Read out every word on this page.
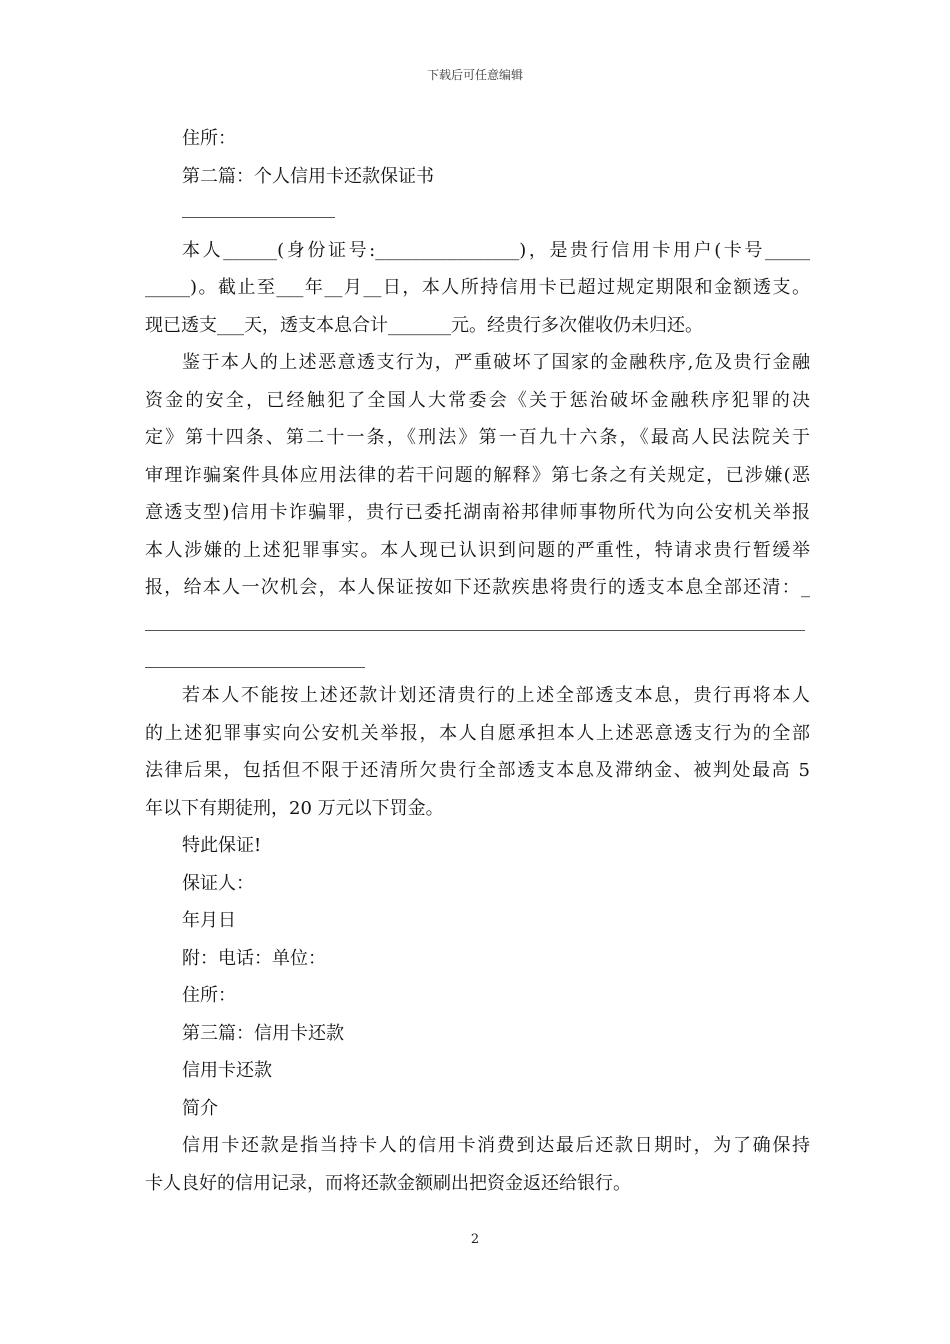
下载后可任意编辑
住所：
第二篇：个人信用卡还款保证书
本人______(身份证号:________________)，是贵行信用卡用户(卡号_____
_____)。截止至___年__月__日，本人所持信用卡已超过规定期限和金额透支。
现已透支___天，透支本息合计_______元。经贵行多次催收仍未归还。
鉴于本人的上述恶意透支行为，严重破坏了国家的金融秩序,危及贵行金融
资金的安全，已经触犯了全国人大常委会《关于惩治破坏金融秩序犯罪的决
定》第十四条、第二十一条，《刑法》第一百九十六条，《最高人民法院关于
审理诈骗案件具体应用法律的若干问题的解释》第七条之有关规定，已涉嫌(恶
意透支型)信用卡诈骗罪，贵行已委托湖南裕邦律师事物所代为向公安机关举报
本人涉嫌的上述犯罪事实。本人现已认识到问题的严重性，特请求贵行暂缓举
报，给本人一次机会，本人保证按如下还款疾患将贵行的透支本息全部还清：_
若本人不能按上述还款计划还清贵行的上述全部透支本息，贵行再将本人
的上述犯罪事实向公安机关举报，本人自愿承担本人上述恶意透支行为的全部
法律后果，包括但不限于还清所欠贵行全部透支本息及滞纳金、被判处最高 5
年以下有期徒刑，20 万元以下罚金。
特此保证!
保证人：
年月日
附：电话：单位：
住所：
第三篇：信用卡还款
信用卡还款
简介
信用卡还款是指当持卡人的信用卡消费到达最后还款日期时，为了确保持
卡人良好的信用记录，而将还款金额刷出把资金返还给银行。
2
